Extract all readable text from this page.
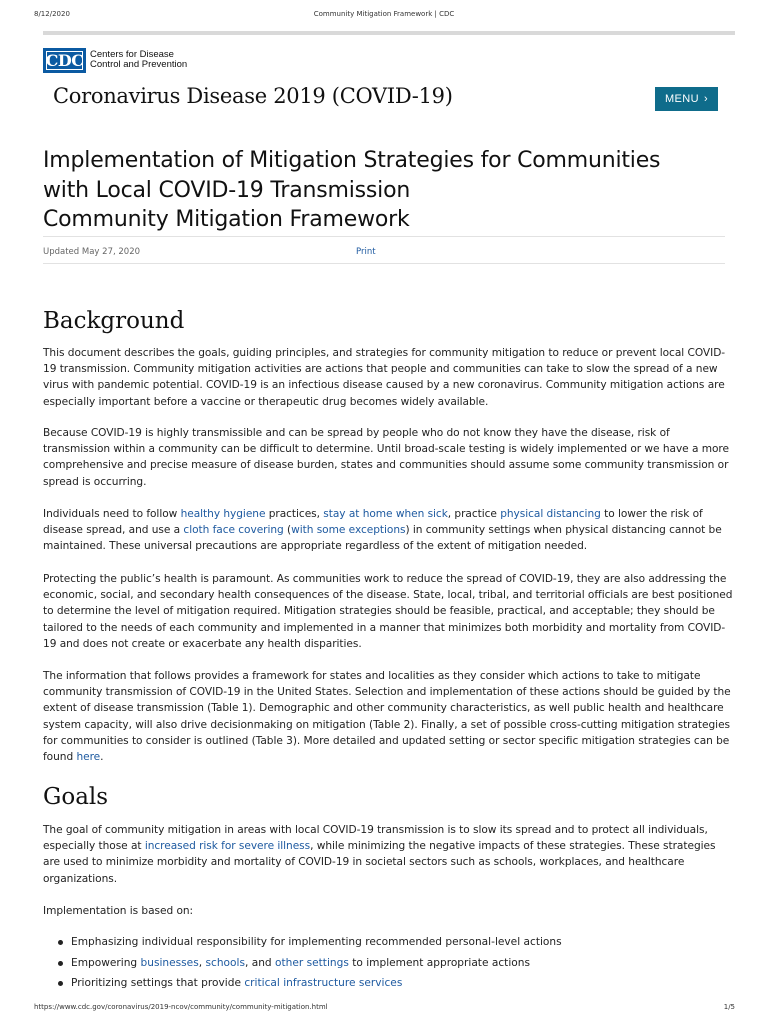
8/12/2020	Community Mitigation Framework | CDC
CDC Centers for Disease
Control and Prevention
Coronavirus Disease 2019 (COVID-19)	MENU ›
Implementation of Mitigation Strategies for Communities
with Local COVID-19 Transmission
Community Mitigation Framework
Updated May 27, 2020	Print
Background

This document describes the goals, guiding principles, and strategies for community mitigation to reduce or prevent local COVID-19 transmission. Community mitigation activities are actions that people and communities can take to slow the spread of a new virus with pandemic potential. COVID-19 is an infectious disease caused by a new coronavirus. Community mitigation actions are especially important before a vaccine or therapeutic drug becomes widely available.

Because COVID-19 is highly transmissible and can be spread by people who do not know they have the disease, risk of transmission within a community can be difficult to determine. Until broad-scale testing is widely implemented or we have a more comprehensive and precise measure of disease burden, states and communities should assume some community transmission or spread is occurring.

Individuals need to follow healthy hygiene practices, stay at home when sick, practice physical distancing to lower the risk of disease spread, and use a cloth face covering (with some exceptions) in community settings when physical distancing cannot be maintained. These universal precautions are appropriate regardless of the extent of mitigation needed.

Protecting the public’s health is paramount. As communities work to reduce the spread of COVID-19, they are also addressing the economic, social, and secondary health consequences of the disease. State, local, tribal, and territorial officials are best positioned to determine the level of mitigation required. Mitigation strategies should be feasible, practical, and acceptable; they should be tailored to the needs of each community and implemented in a manner that minimizes both morbidity and mortality from COVID-19 and does not create or exacerbate any health disparities.

The information that follows provides a framework for states and localities as they consider which actions to take to mitigate community transmission of COVID-19 in the United States. Selection and implementation of these actions should be guided by the extent of disease transmission (Table 1). Demographic and other community characteristics, as well public health and healthcare system capacity, will also drive decisionmaking on mitigation (Table 2). Finally, a set of possible cross-cutting mitigation strategies for communities to consider is outlined (Table 3). More detailed and updated setting or sector specific mitigation strategies can be found here.

Goals

The goal of community mitigation in areas with local COVID-19 transmission is to slow its spread and to protect all individuals, especially those at increased risk for severe illness, while minimizing the negative impacts of these strategies. These strategies are used to minimize morbidity and mortality of COVID-19 in societal sectors such as schools, workplaces, and healthcare organizations.

Implementation is based on:

Emphasizing individual responsibility for implementing recommended personal-level actions
Empowering businesses, schools, and other settings to implement appropriate actions
Prioritizing settings that provide critical infrastructure services
https://www.cdc.gov/coronavirus/2019-ncov/community/community-mitigation.html	1/5
